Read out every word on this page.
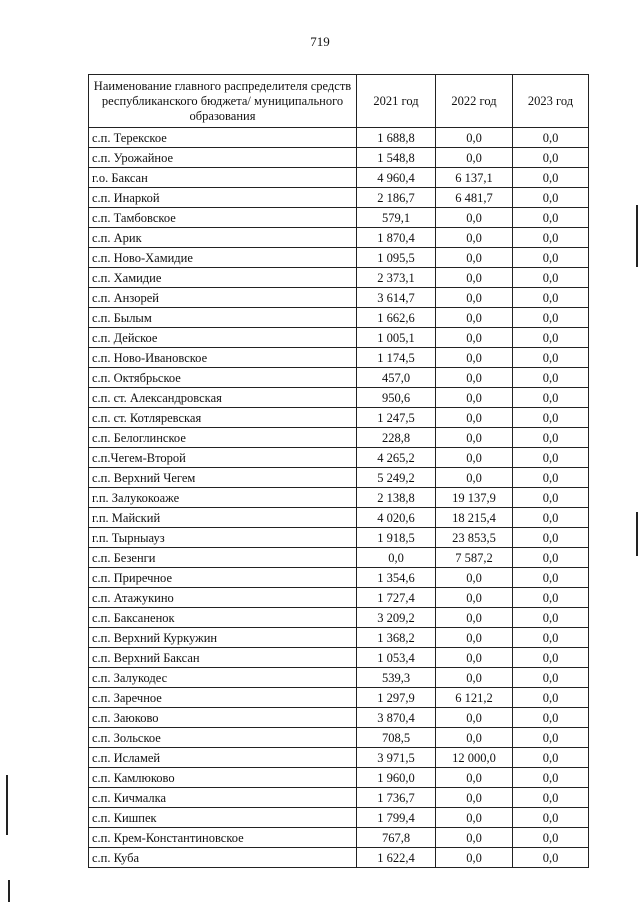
719
Наименование главного распределителя средств республиканского бюджета/ муниципального образования	2021 год	2022 год	2023 год
с.п. Терекское	1 688,8	0,0	0,0
с.п. Урожайное	1 548,8	0,0	0,0
г.о. Баксан	4 960,4	6 137,1	0,0
с.п. Инаркой	2 186,7	6 481,7	0,0
с.п. Тамбовское	579,1	0,0	0,0
с.п. Арик	1 870,4	0,0	0,0
с.п. Ново-Хамидие	1 095,5	0,0	0,0
с.п. Хамидие	2 373,1	0,0	0,0
с.п. Анзорей	3 614,7	0,0	0,0
с.п. Былым	1 662,6	0,0	0,0
с.п. Дейское	1 005,1	0,0	0,0
с.п. Ново-Ивановское	1 174,5	0,0	0,0
с.п. Октябрьское	457,0	0,0	0,0
с.п. ст. Александровская	950,6	0,0	0,0
с.п. ст. Котляревская	1 247,5	0,0	0,0
с.п. Белоглинское	228,8	0,0	0,0
с.п.Чегем-Второй	4 265,2	0,0	0,0
с.п. Верхний Чегем	5 249,2	0,0	0,0
г.п. Залукокоаже	2 138,8	19 137,9	0,0
г.п. Майский	4 020,6	18 215,4	0,0
г.п. Тырныауз	1 918,5	23 853,5	0,0
с.п. Безенги	0,0	7 587,2	0,0
с.п. Приречное	1 354,6	0,0	0,0
с.п. Атажукино	1 727,4	0,0	0,0
с.п. Баксаненок	3 209,2	0,0	0,0
с.п. Верхний Куркужин	1 368,2	0,0	0,0
с.п. Верхний Баксан	1 053,4	0,0	0,0
с.п. Залукодес	539,3	0,0	0,0
с.п. Заречное	1 297,9	6 121,2	0,0
с.п. Заюково	3 870,4	0,0	0,0
с.п. Зольское	708,5	0,0	0,0
с.п. Исламей	3 971,5	12 000,0	0,0
с.п. Камлюково	1 960,0	0,0	0,0
с.п. Кичмалка	1 736,7	0,0	0,0
с.п. Кишпек	1 799,4	0,0	0,0
с.п. Крем-Константиновское	767,8	0,0	0,0
с.п. Куба	1 622,4	0,0	0,0
